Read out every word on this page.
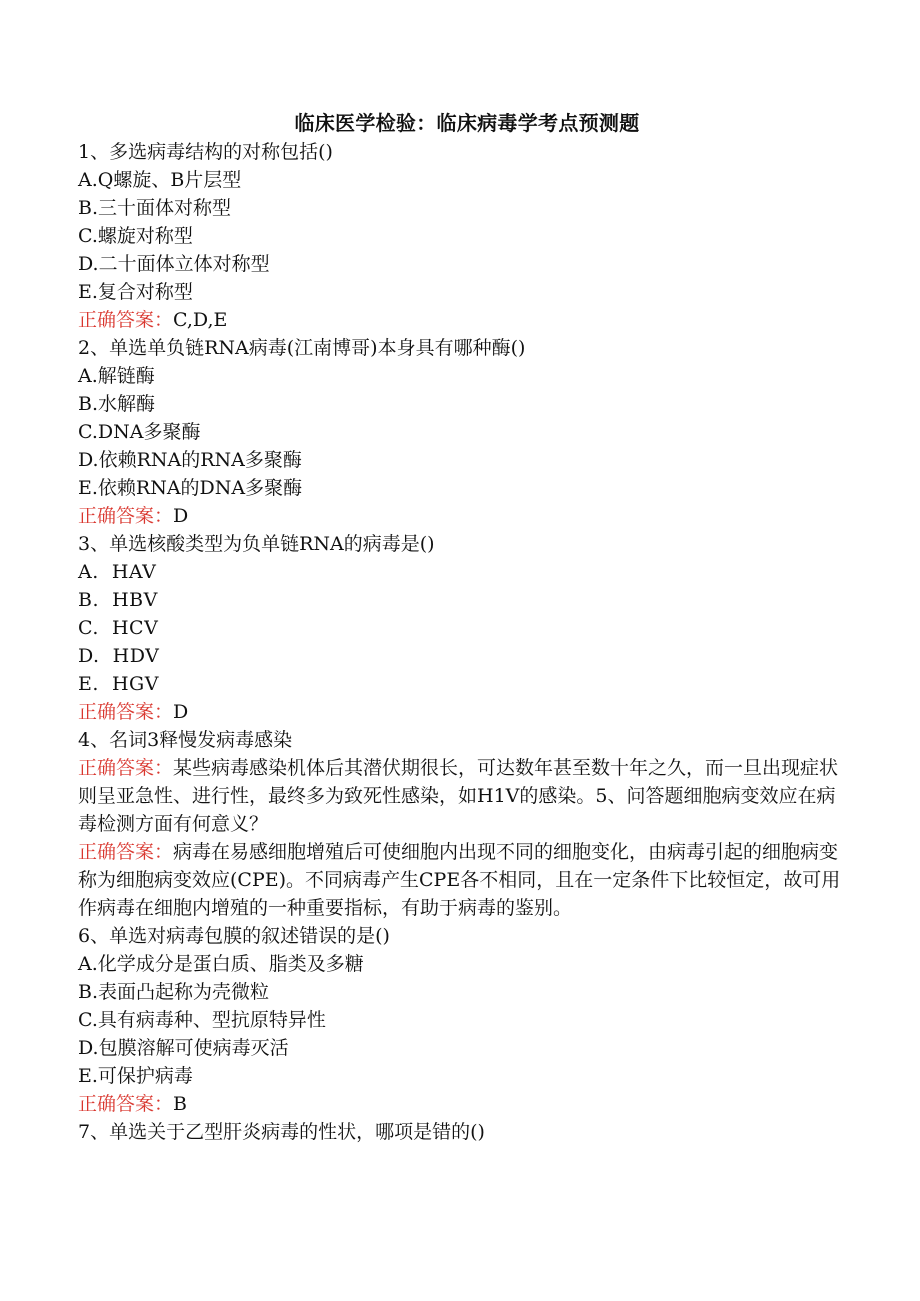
临床医学检验：临床病毒学考点预测题

1、多选病毒结构的对称包括()

A.Q螺旋、B片层型

B.三十面体对称型

C.螺旋对称型

D.二十面体立体对称型

E.复合对称型

正确答案：C,D,E

2、单选单负链RNA病毒(江南博哥)本身具有哪种酶()

A.解链酶

B.水解酶

C.DNA多聚酶

D.依赖RNA的RNA多聚酶

E.依赖RNA的DNA多聚酶

正确答案：D

3、单选核酸类型为负单链RNA的病毒是()

A.  HAV

B.  HBV

C.  HCV

D.  HDV

E.  HGV

正确答案：D

4、名词3释慢发病毒感染

正确答案：某些病毒感染机体后其潜伏期很长，可达数年甚至数十年之久，而一旦出现症状则呈亚急性、进行性，最终多为致死性感染，如H1V的感染。5、问答题细胞病变效应在病毒检测方面有何意义？

正确答案：病毒在易感细胞增殖后可使细胞内出现不同的细胞变化，由病毒引起的细胞病变称为细胞病变效应(CPE)。不同病毒产生CPE各不相同，且在一定条件下比较恒定，故可用作病毒在细胞内增殖的一种重要指标，有助于病毒的鉴别。

6、单选对病毒包膜的叙述错误的是()

A.化学成分是蛋白质、脂类及多糖

B.表面凸起称为壳微粒

C.具有病毒种、型抗原特异性

D.包膜溶解可使病毒灭活

E.可保护病毒

正确答案：B

7、单选关于乙型肝炎病毒的性状，哪项是错的()
